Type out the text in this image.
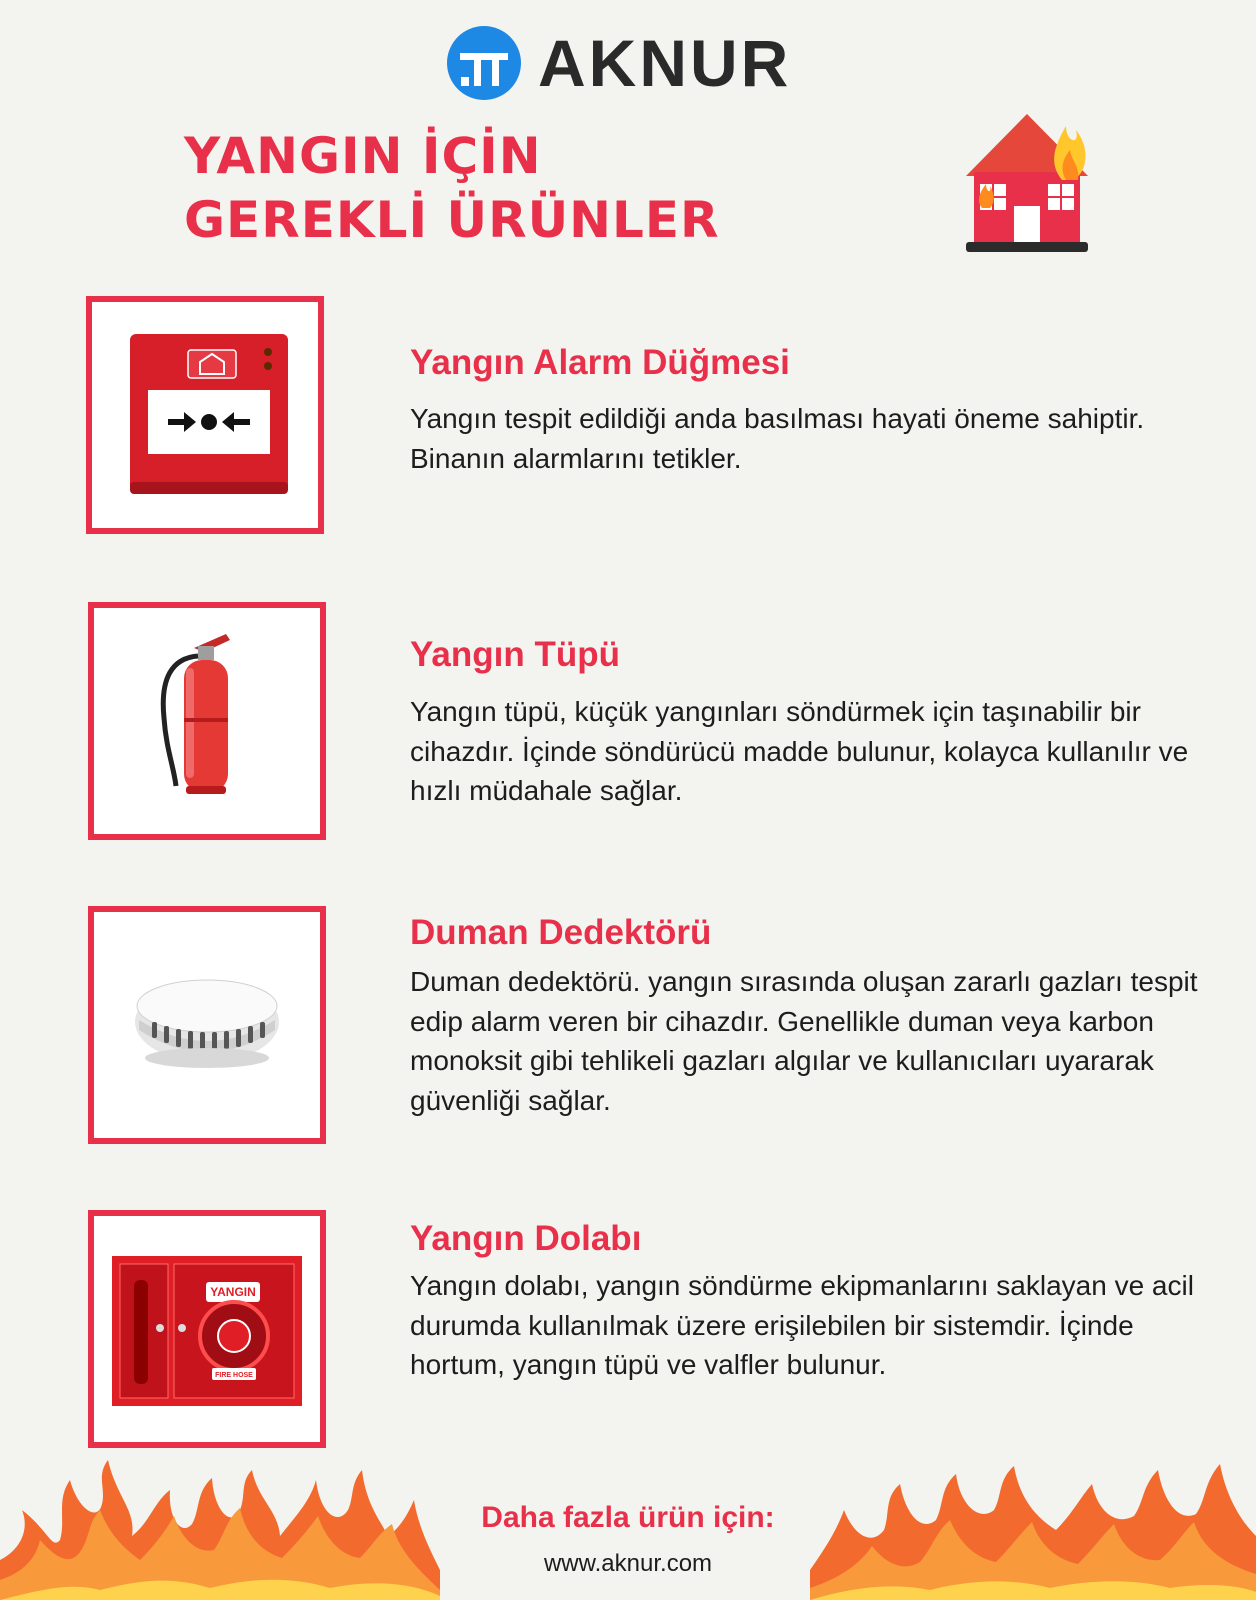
AKNUR
YANGIN İÇİN
GEREKLİ ÜRÜNLER
Yangın Alarm Düğmesi
Yangın tespit edildiği anda basılması hayati öneme sahiptir. Binanın alarmlarını tetikler.
Yangın Tüpü
Yangın tüpü, küçük yangınları söndürmek için taşınabilir bir cihazdır. İçinde söndürücü madde bulunur, kolayca kullanılır ve hızlı müdahale sağlar.
Duman Dedektörü
Duman dedektörü. yangın sırasında oluşan zararlı gazları tespit edip alarm veren bir cihazdır. Genellikle duman veya karbon monoksit gibi tehlikeli gazları algılar ve kullanıcıları uyararak güvenliği sağlar.
YANGIN
FIRE HOSE
Yangın Dolabı
Yangın dolabı, yangın söndürme ekipmanlarını saklayan ve acil durumda kullanılmak üzere erişilebilen bir sistemdir. İçinde hortum, yangın tüpü ve valfler bulunur.
Daha fazla ürün için:
www.aknur.com
